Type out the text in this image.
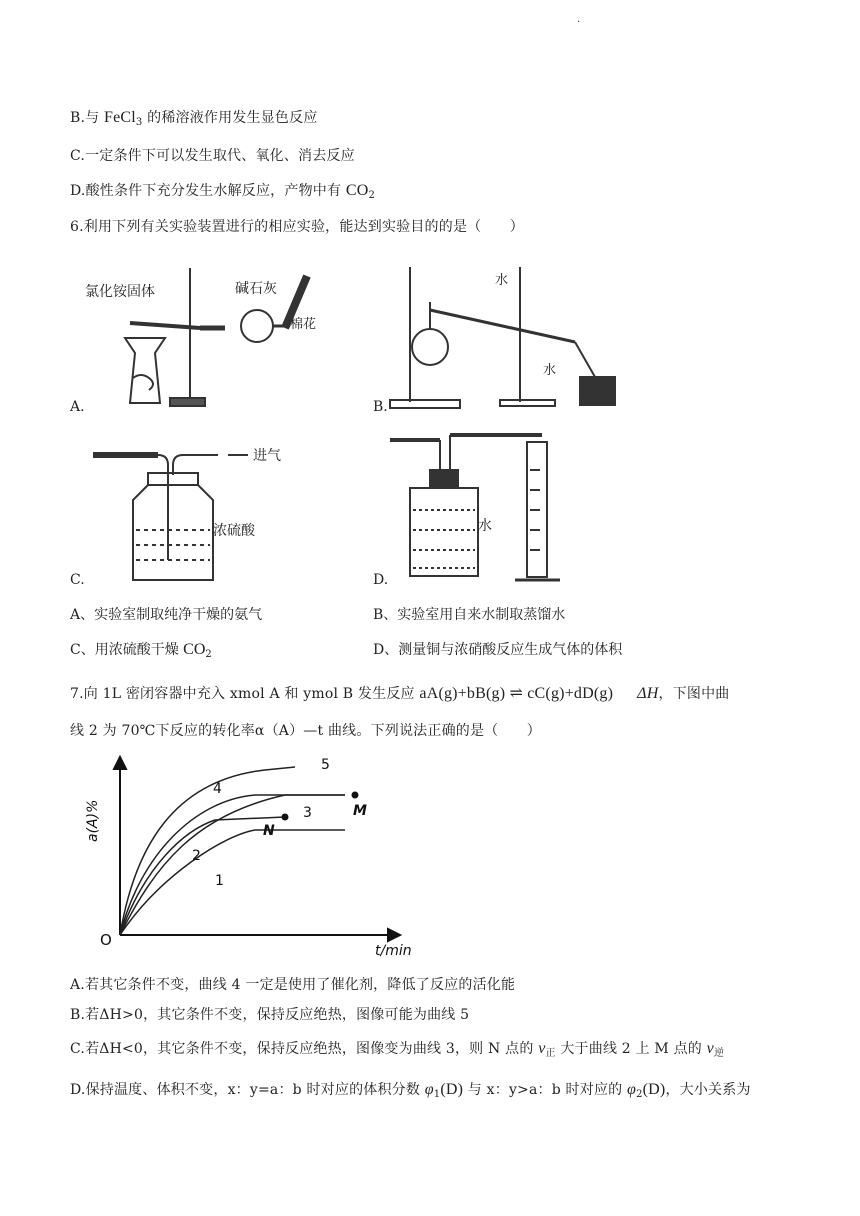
.
B.与 FeCl$_3$ 的稀溶液作用发生显色反应
C.一定条件下可以发生取代、氧化、消去反应
D.酸性条件下充分发生水解反应，产物中有 $CO_2$
6.利用下列有关实验装置进行的相应实验，能达到实验目的的是（　　）
A.
氯化铵固体	碱石灰
棉花
B.
水
水
C.
进气
浓硫酸
D.
水
A、实验室制取纯净干燥的氨气	B、实验室用自来水制取蒸馏水
C、用浓硫酸干燥 $CO_2$	D、测量铜与浓硝酸反应生成气体的体积
7.向 1L 密闭容器中充入 xmol A 和 ymol B 发生反应 aA(g)+bB(g) ⇌ cC(g)+dD(g) ΔH，下图中曲
线 2 为 70℃下反应的转化率α（A）—t 曲线。下列说法正确的是（　　）
a(A)%
O
t/min
1
2
3
4
5
N
M
A.若其它条件不变，曲线 4 一定是使用了催化剂，降低了反应的活化能
B.若ΔH>0，其它条件不变，保持反应绝热，图像可能为曲线 5
C.若ΔH<0，其它条件不变，保持反应绝热，图像变为曲线 3，则 N 点的 $v_正$ 大于曲线 2 上 M 点的 $v_逆$
D.保持温度、体积不变，x：y=a：b 时对应的体积分数 $\varphi_1(D)$ 与 x：y>a：b 时对应的 $\varphi_2(D)$，大小关系为
